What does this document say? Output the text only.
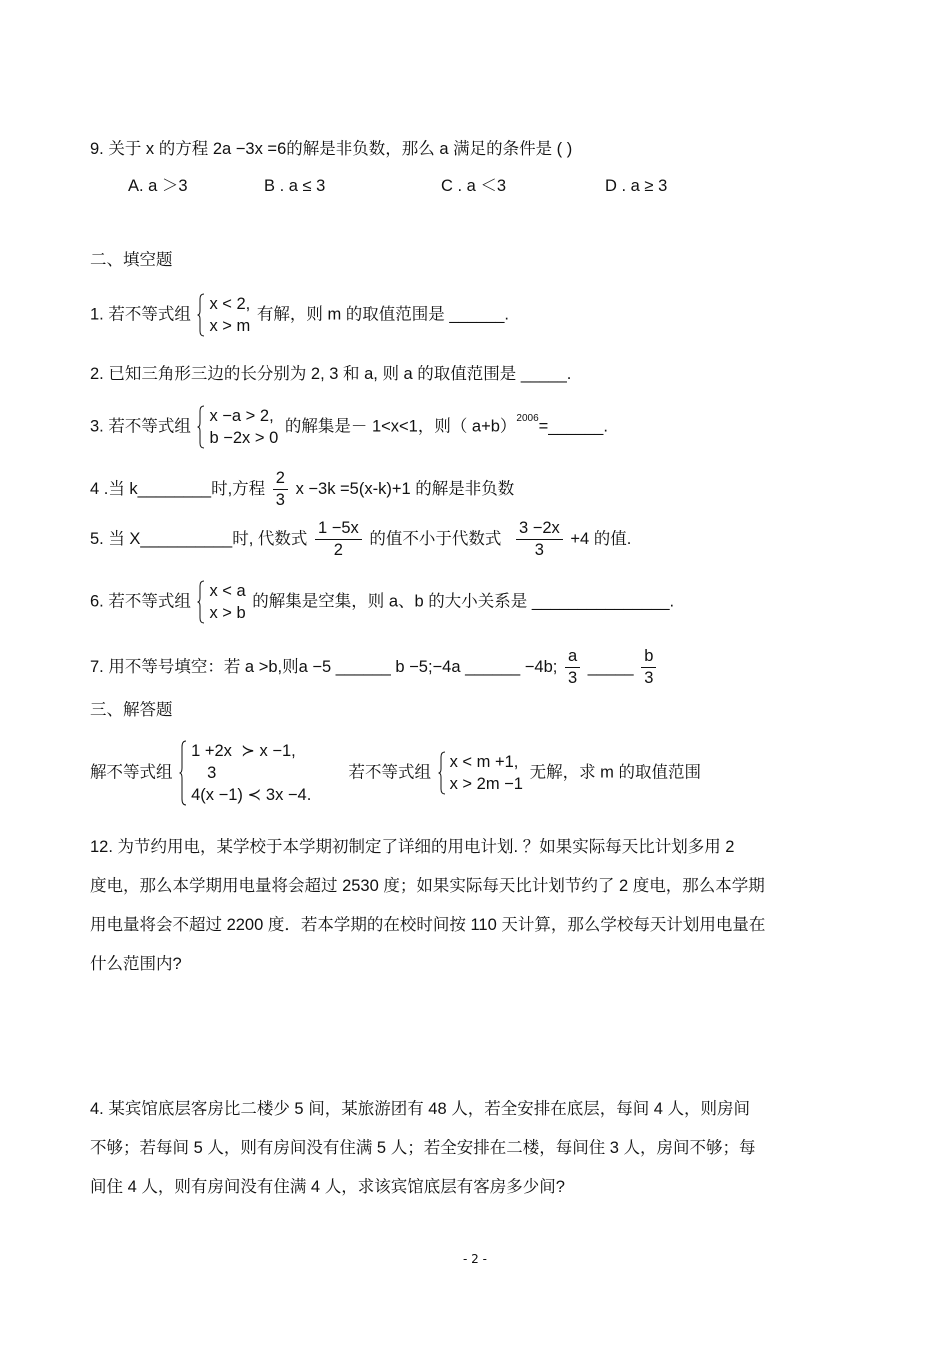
9. 关于 x 的方程 2a −3x =6的解是非负数，那么 a 满足的条件是 ( )
A. a ＞3	B . a ≤ 3	C . a ＜3	D . a ≥ 3
二、填空题
1. 若不等式组
x < 2,
x > m
有解，则 m 的取值范围是 ______.
2. 已知三角形三边的长分别为 2, 3 和 a, 则 a 的取值范围是 _____.
3. 若不等式组
x −a > 2,
b −2x > 0
的解集是－ 1<x<1，则（ a+b）$^{2006}$=______.
4 .当 k________时,方程 $\frac{2}{3}$ x −3k =5(x-k)+1 的解是非负数
5. 当 X__________时, 代数式 $\frac{1 -5x}{2}$ 的值不小于代数式 $\frac{3 -2x}{3} +4$ 的值.
6. 若不等式组
x < a
x > b
的解集是空集，则 a、b 的大小关系是 _______________.
7. 用不等号填空：若 a >b,则a −5 ______ b −5;−4a ______ −4b; $\frac{a}{3}$ _____ $\frac{b}{3}$
三、解答题
解不等式组
1 +2x ≻ x −1,
3
4(x −1) ≺ 3x −4.
若不等式组
x < m +1,
x > 2m −1
无解，求 m 的取值范围
12. 为节约用电，某学校于本学期初制定了详细的用电计划. ？如果实际每天比计划多用 2
度电，那么本学期用电量将会超过 2530 度；如果实际每天比计划节约了 2 度电，那么本学期
用电量将会不超过 2200 度．若本学期的在校时间按 110 天计算，那么学校每天计划用电量在
什么范围内?
4. 某宾馆底层客房比二楼少 5 间，某旅游团有 48 人，若全安排在底层，每间 4 人，则房间
不够；若每间 5 人，则有房间没有住满 5 人；若全安排在二楼，每间住 3 人，房间不够；每
间住 4 人，则有房间没有住满 4 人，求该宾馆底层有客房多少间?
- 2 -
